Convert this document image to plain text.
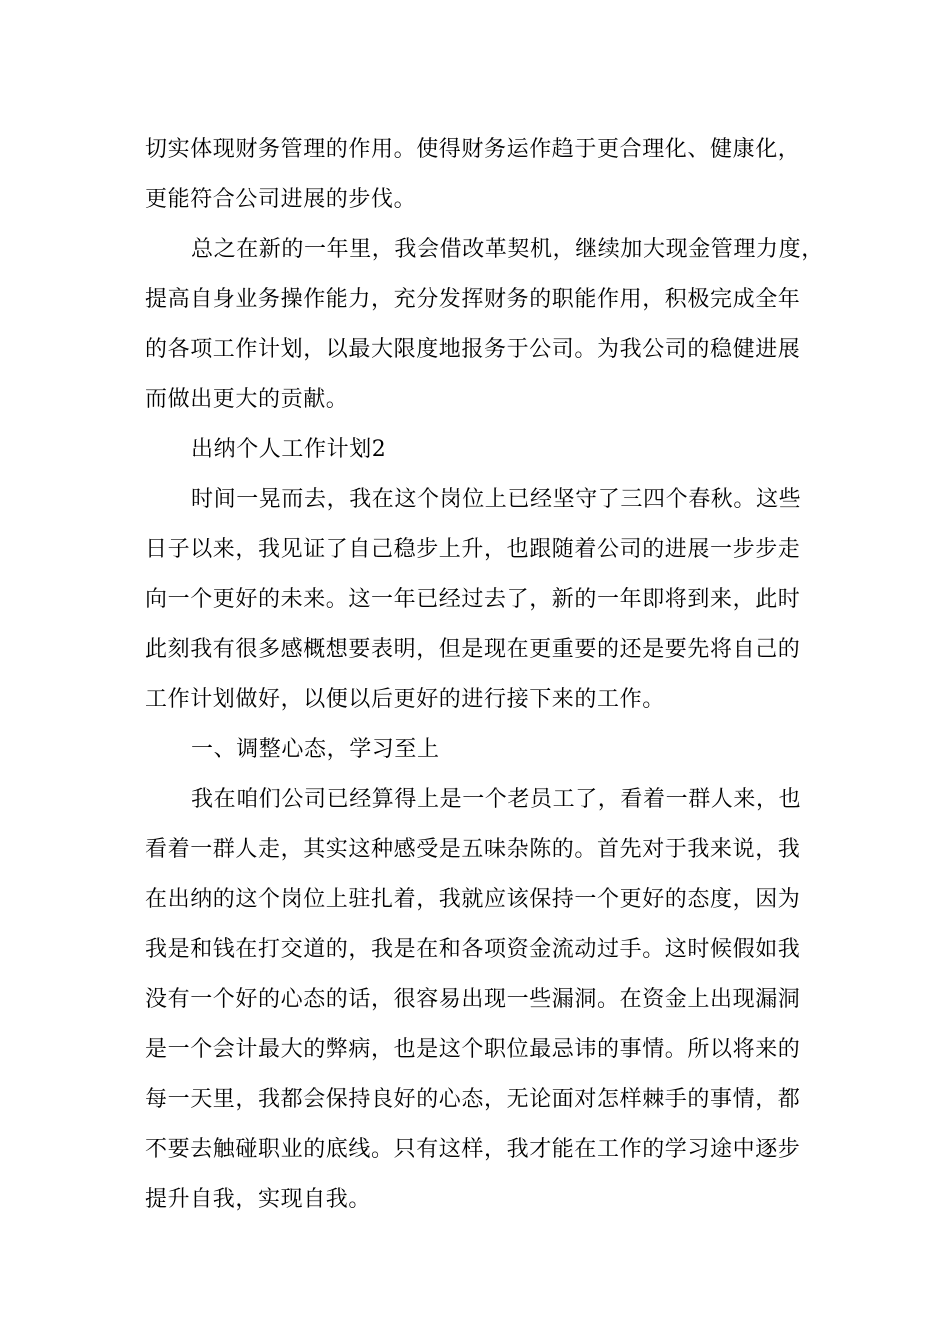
切实体现财务管理的作用。使得财务运作趋于更合理化、健康化，
更能符合公司进展的步伐。
总之在新的一年里，我会借改革契机，继续加大现金管理力度，
提高自身业务操作能力，充分发挥财务的职能作用，积极完成全年
的各项工作计划，以最大限度地报务于公司。为我公司的稳健进展
而做出更大的贡献。
出纳个人工作计划2
时间一晃而去，我在这个岗位上已经坚守了三四个春秋。这些
日子以来，我见证了自己稳步上升，也跟随着公司的进展一步步走
向一个更好的未来。这一年已经过去了，新的一年即将到来，此时
此刻我有很多感概想要表明，但是现在更重要的还是要先将自己的
工作计划做好，以便以后更好的进行接下来的工作。
一、调整心态，学习至上
我在咱们公司已经算得上是一个老员工了，看着一群人来，也
看着一群人走，其实这种感受是五味杂陈的。首先对于我来说，我
在出纳的这个岗位上驻扎着，我就应该保持一个更好的态度，因为
我是和钱在打交道的，我是在和各项资金流动过手。这时候假如我
没有一个好的心态的话，很容易出现一些漏洞。在资金上出现漏洞
是一个会计最大的弊病，也是这个职位最忌讳的事情。所以将来的
每一天里，我都会保持良好的心态，无论面对怎样棘手的事情，都
不要去触碰职业的底线。只有这样，我才能在工作的学习途中逐步
提升自我，实现自我。
